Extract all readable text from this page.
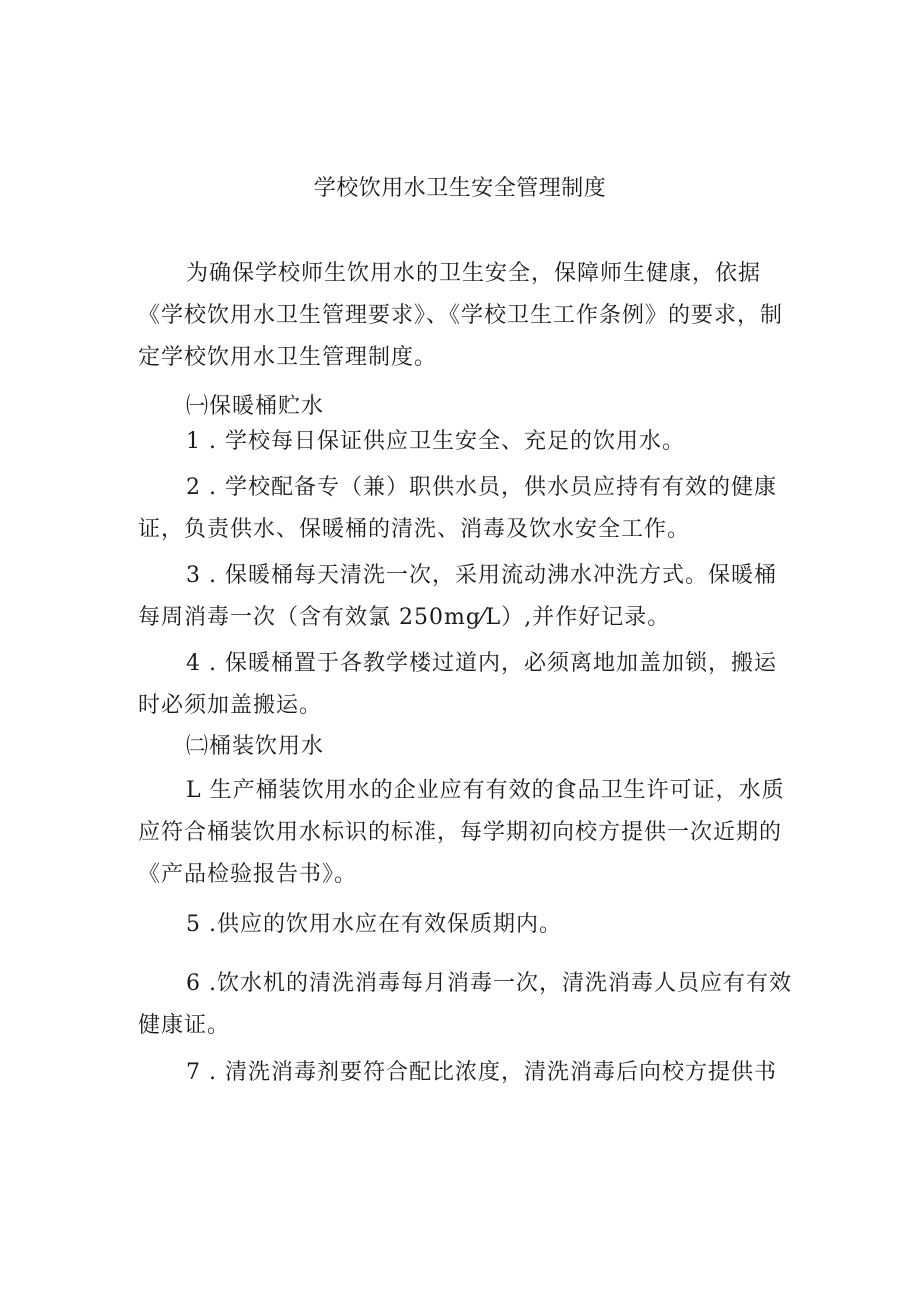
学校饮用水卫生安全管理制度

为确保学校师生饮用水的卫生安全，保障师生健康，依据《学校饮用水卫生管理要求》、《学校卫生工作条例》的要求，制定学校饮用水卫生管理制度。

㈠保暖桶贮水

1 . 学校每日保证供应卫生安全、充足的饮用水。

2 . 学校配备专（兼）职供水员，供水员应持有有效的健康证，负责供水、保暖桶的清洗、消毒及饮水安全工作。

3 . 保暖桶每天清洗一次，采用流动沸水冲洗方式。保暖桶每周消毒一次（含有效氯 250mg⁄L）,并作好记录。

4 . 保暖桶置于各教学楼过道内，必须离地加盖加锁，搬运时必须加盖搬运。

㈡桶装饮用水

L 生产桶装饮用水的企业应有有效的食品卫生许可证，水质应符合桶装饮用水标识的标准，每学期初向校方提供一次近期的《产品检验报告书》。

5 .供应的饮用水应在有效保质期内。

6 .饮水机的清洗消毒每月消毒一次，清洗消毒人员应有有效健康证。

7 . 清洗消毒剂要符合配比浓度，清洗消毒后向校方提供书
